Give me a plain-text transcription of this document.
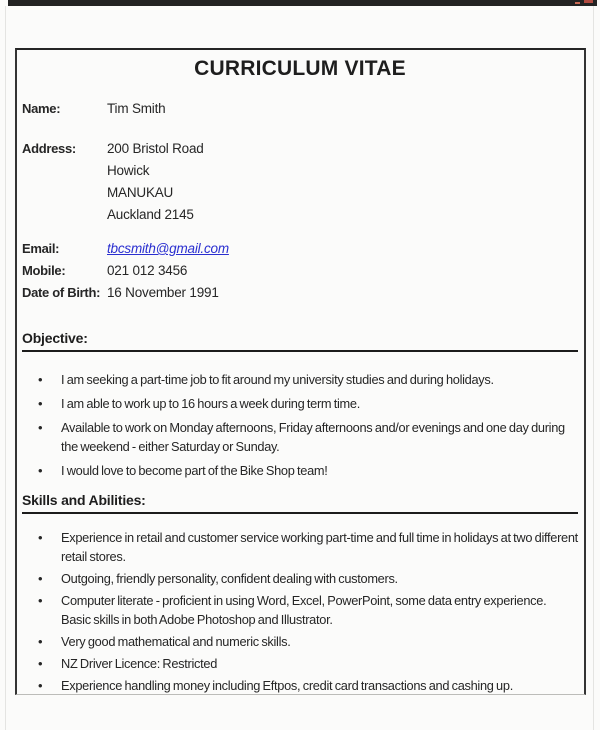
CURRICULUM VITAE
Name:	Tim Smith
Address:	200 Bristol Road
Howick
MANUKAU
Auckland 2145
Email:	tbcsmith@gmail.com
Mobile:	021 012 3456
Date of Birth: 16 November 1991
Objective:
• I am seeking a part-time job to fit around my university studies and during holidays.
• I am able to work up to 16 hours a week during term time.
• Available to work on Monday afternoons, Friday afternoons and/or evenings and one day during the weekend - either Saturday or Sunday.
• I would love to become part of the Bike Shop team!
Skills and Abilities:
• Experience in retail and customer service working part-time and full time in holidays at two different retail stores.
• Outgoing, friendly personality, confident dealing with customers.
• Computer literate - proficient in using Word, Excel, PowerPoint, some data entry experience. Basic skills in both Adobe Photoshop and Illustrator.
• Very good mathematical and numeric skills.
• NZ Driver Licence: Restricted
• Experience handling money including Eftpos, credit card transactions and cashing up.
